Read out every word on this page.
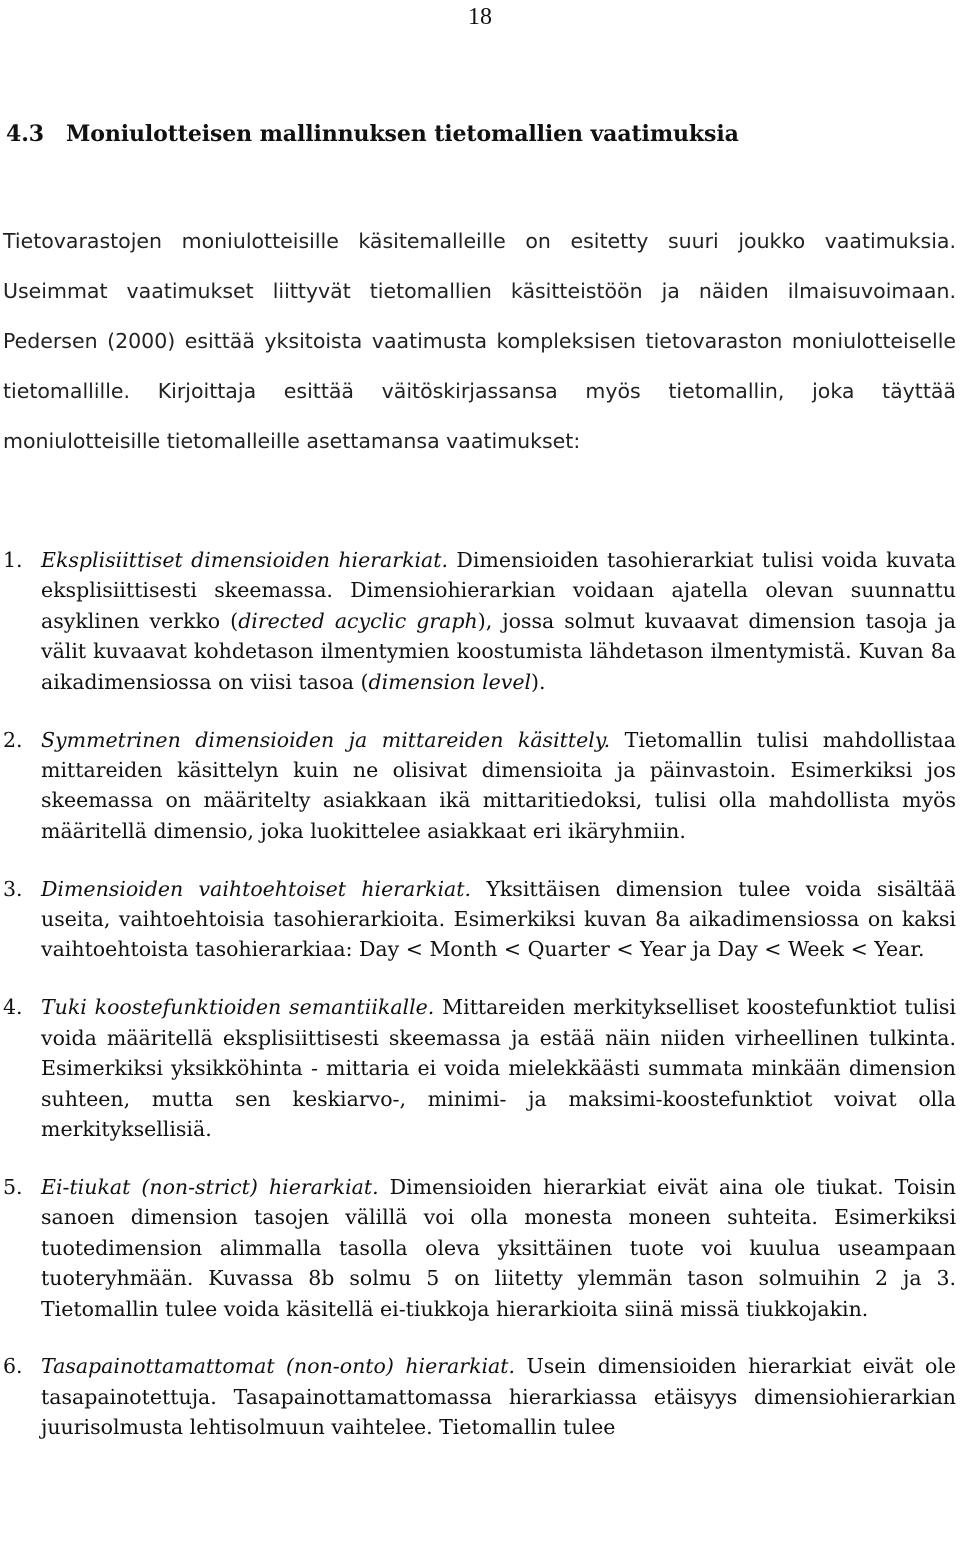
18
4.3 Moniulotteisen mallinnuksen tietomallien vaatimuksia

Tietovarastojen moniulotteisille käsitemalleille on esitetty suuri joukko vaatimuksia. Useimmat vaatimukset liittyvät tietomallien käsitteistöön ja näiden ilmaisuvoimaan. Pedersen (2000) esittää yksitoista vaatimusta kompleksisen tietovaraston moniulotteiselle tietomallille. Kirjoittaja esittää väitöskirjassansa myös tietomallin, joka täyttää moniulotteisille tietomalleille asettamansa vaatimukset:

1. Eksplisiittiset dimensioiden hierarkiat. Dimensioiden tasohierarkiat tulisi voida kuvata eksplisiittisesti skeemassa. Dimensiohierarkian voidaan ajatella olevan suunnattu asyklinen verkko (directed acyclic graph), jossa solmut kuvaavat dimension tasoja ja välit kuvaavat kohdetason ilmentymien koostumista lähdetason ilmentymistä. Kuvan 8a aikadimensiossa on viisi tasoa (dimension level).
2. Symmetrinen dimensioiden ja mittareiden käsittely. Tietomallin tulisi mahdollistaa mittareiden käsittelyn kuin ne olisivat dimensioita ja päinvastoin. Esimerkiksi jos skeemassa on määritelty asiakkaan ikä mittaritiedoksi, tulisi olla mahdollista myös määritellä dimensio, joka luokittelee asiakkaat eri ikäryhmiin.
3. Dimensioiden vaihtoehtoiset hierarkiat. Yksittäisen dimension tulee voida sisältää useita, vaihtoehtoisia tasohierarkioita. Esimerkiksi kuvan 8a aikadimensiossa on kaksi vaihtoehtoista tasohierarkiaa: Day < Month < Quarter < Year ja Day < Week < Year.
4. Tuki koostefunktioiden semantiikalle. Mittareiden merkitykselliset koostefunktiot tulisi voida määritellä eksplisiittisesti skeemassa ja estää näin niiden virheellinen tulkinta. Esimerkiksi yksikköhinta - mittaria ei voida mielekkäästi summata minkään dimension suhteen, mutta sen keskiarvo-, minimi- ja maksimi-koostefunktiot voivat olla merkityksellisiä.
5. Ei-tiukat (non-strict) hierarkiat. Dimensioiden hierarkiat eivät aina ole tiukat. Toisin sanoen dimension tasojen välillä voi olla monesta moneen suhteita. Esimerkiksi tuotedimension alimmalla tasolla oleva yksittäinen tuote voi kuulua useampaan tuoteryhmään. Kuvassa 8b solmu 5 on liitetty ylemmän tason solmuihin 2 ja 3. Tietomallin tulee voida käsitellä ei-tiukkoja hierarkioita siinä missä tiukkojakin.
6. Tasapainottamattomat (non-onto) hierarkiat. Usein dimensioiden hierarkiat eivät ole tasapainotettuja. Tasapainottamattomassa hierarkiassa etäisyys dimensiohierarkian juurisolmusta lehtisolmuun vaihtelee. Tietomallin tulee
